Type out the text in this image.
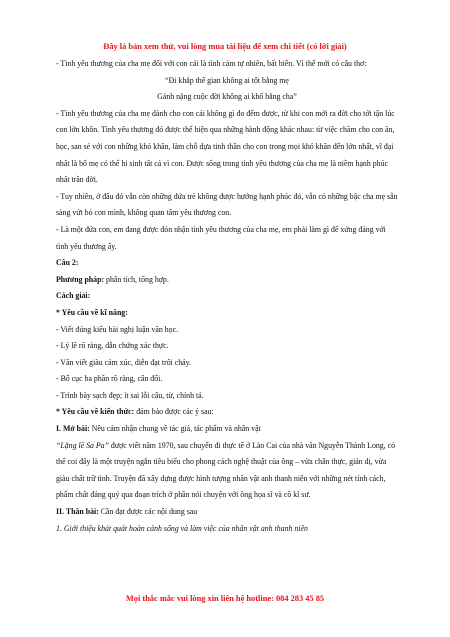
Đây là bản xem thử, vui lòng mua tài liệu để xem chi tiết (có lời giải)

- Tình yêu thương của cha mẹ đối với con cái là tình cảm tự nhiên, bất biến. Vì thế mới có câu thơ:

“Đi khắp thế gian không ai tốt bằng mẹ

Gánh nặng cuộc đời không ai khổ bằng cha”

- Tình yêu thương của cha mẹ dành cho con cái không gì đo đếm được, từ khi con mới ra đời cho tới tận lúc con lớn khôn. Tình yêu thương đó được thể hiện qua những hành động khác nhau: từ việc chăm cho con ăn, học, san sẻ với con những khó khăn, làm chỗ dựa tinh thần cho con trong mọi khó khăn đến lớn nhất, vĩ đại nhất là bố mẹ có thể hi sinh tất cả vì con. Được sống trong tình yêu thương của cha mẹ là niềm hạnh phúc nhất trần đời.

- Tuy nhiên, ở đâu đó vẫn còn những đứa trẻ không được hưởng hạnh phúc đó, vẫn có những bậc cha mẹ sẵn sàng vứt bỏ con mình, không quan tâm yêu thương con.

- Là một đứa con, em đang được đón nhận tình yêu thương của cha mẹ, em phải làm gì để xứng đáng với tình yêu thương ấy.

Câu 2:

Phương pháp: phân tích, tổng hợp.

Cách giải:

* Yêu cầu về kĩ năng:

- Viết đúng kiểu bài nghị luận văn học.

- Lý lẽ rõ ràng, dẫn chứng xác thực.

- Văn viết giàu cảm xúc, diễn đạt trôi chảy.

- Bố cục ba phần rõ ràng, cân đối.

- Trình bày sạch đẹp; ít sai lỗi câu, từ, chính tả.

* Yêu cầu về kiến thức: đảm bảo được các ý sau:

I. Mở bài: Nêu cảm nhận chung về tác giả, tác phẩm và nhân vật

“Lặng lẽ Sa Pa” được viết năm 1970, sau chuyến đi thực tế ở Lào Cai của nhà văn Nguyễn Thành Long, có thể coi đây là một truyện ngắn tiêu biểu cho phong cách nghệ thuật của ông – vừa chân thực, giản dị, vừa giàu chất trữ tình. Truyện đã xây dựng được hình tượng nhân vật anh thanh niên với những nét tính cách, phẩm chất đáng quý qua đoạn trích ở phần nói chuyện với ông họa sĩ và cô kĩ sư.

II. Thân bài: Cần đạt được các nội dung sau

1. Giới thiệu khát quát hoàn cảnh sống và làm việc của nhân vật anh thanh niên

Mọi thắc mắc vui lòng xin liên hệ hotline: 084 283 45 85
